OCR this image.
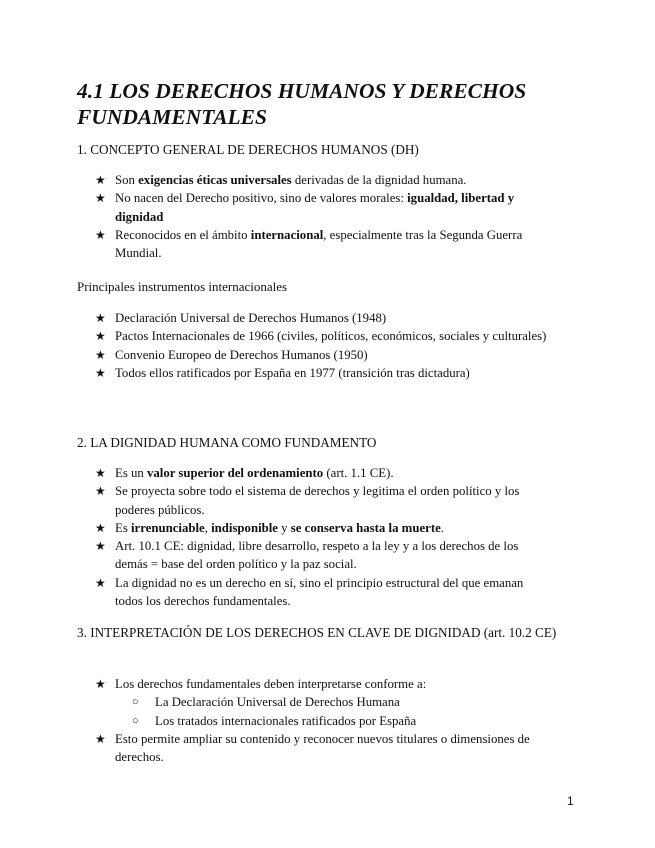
4.1 LOS DERECHOS HUMANOS Y DERECHOS FUNDAMENTALES

1. CONCEPTO GENERAL DE DERECHOS HUMANOS (DH)

★ Son exigencias éticas universales derivadas de la dignidad humana.
★ No nacen del Derecho positivo, sino de valores morales: igualdad, libertad y dignidad
★ Reconocidos en el ámbito internacional, especialmente tras la Segunda Guerra Mundial.

Principales instrumentos internacionales

★ Declaración Universal de Derechos Humanos (1948)
★ Pactos Internacionales de 1966 (civiles, políticos, económicos, sociales y culturales)
★ Convenio Europeo de Derechos Humanos (1950)
★ Todos ellos ratificados por España en 1977 (transición tras dictadura)

2. LA DIGNIDAD HUMANA COMO FUNDAMENTO

★ Es un valor superior del ordenamiento (art. 1.1 CE).
★ Se proyecta sobre todo el sistema de derechos y legitima el orden político y los poderes públicos.
★ Es irrenunciable, indisponible y se conserva hasta la muerte.
★ Art. 10.1 CE: dignidad, libre desarrollo, respeto a la ley y a los derechos de los demás = base del orden político y la paz social.
★ La dignidad no es un derecho en sí, sino el principio estructural del que emanan todos los derechos fundamentales.

3. INTERPRETACIÓN DE LOS DERECHOS EN CLAVE DE DIGNIDAD (art. 10.2 CE)

★ Los derechos fundamentales deben interpretarse conforme a:
○ La Declaración Universal de Derechos Humana
○ Los tratados internacionales ratificados por España
★ Esto permite ampliar su contenido y reconocer nuevos titulares o dimensiones de derechos.
1
